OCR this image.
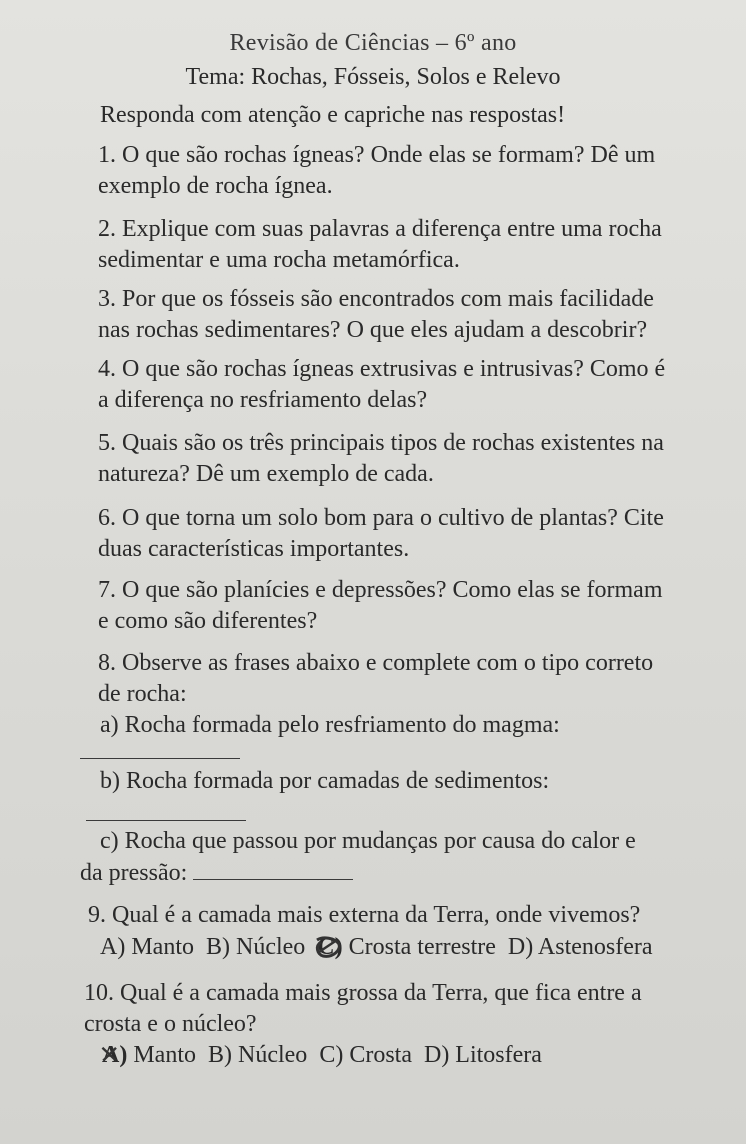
Revisão de Ciências – 6º ano
Tema: Rochas, Fósseis, Solos e Relevo
Responda com atenção e capriche nas respostas!

1. O que são rochas ígneas? Onde elas se formam? Dê um

exemplo de rocha ígnea.

2. Explique com suas palavras a diferença entre uma rocha

sedimentar e uma rocha metamórfica.

3. Por que os fósseis são encontrados com mais facilidade

nas rochas sedimentares? O que eles ajudam a descobrir?

4. O que são rochas ígneas extrusivas e intrusivas? Como é

a diferença no resfriamento delas?

5. Quais são os três principais tipos de rochas existentes na

natureza? Dê um exemplo de cada.

6. O que torna um solo bom para o cultivo de plantas? Cite

duas características importantes.

7. O que são planícies e depressões? Como elas se formam

e como são diferentes?

8. Observe as frases abaixo e complete com o tipo correto

de rocha:

a) Rocha formada pelo resfriamento do magma:
b) Rocha formada por camadas de sedimentos:
c) Rocha que passou por mudanças por causa do calor e
da pressão:
9. Qual é a camada mais externa da Terra, onde vivemos?
A) Manto B) Núcleo C) Crosta terrestre D) Astenosfera

10. Qual é a camada mais grossa da Terra, que fica entre a

crosta e o núcleo?

A) Manto B) Núcleo C) Crosta D) Litosfera
